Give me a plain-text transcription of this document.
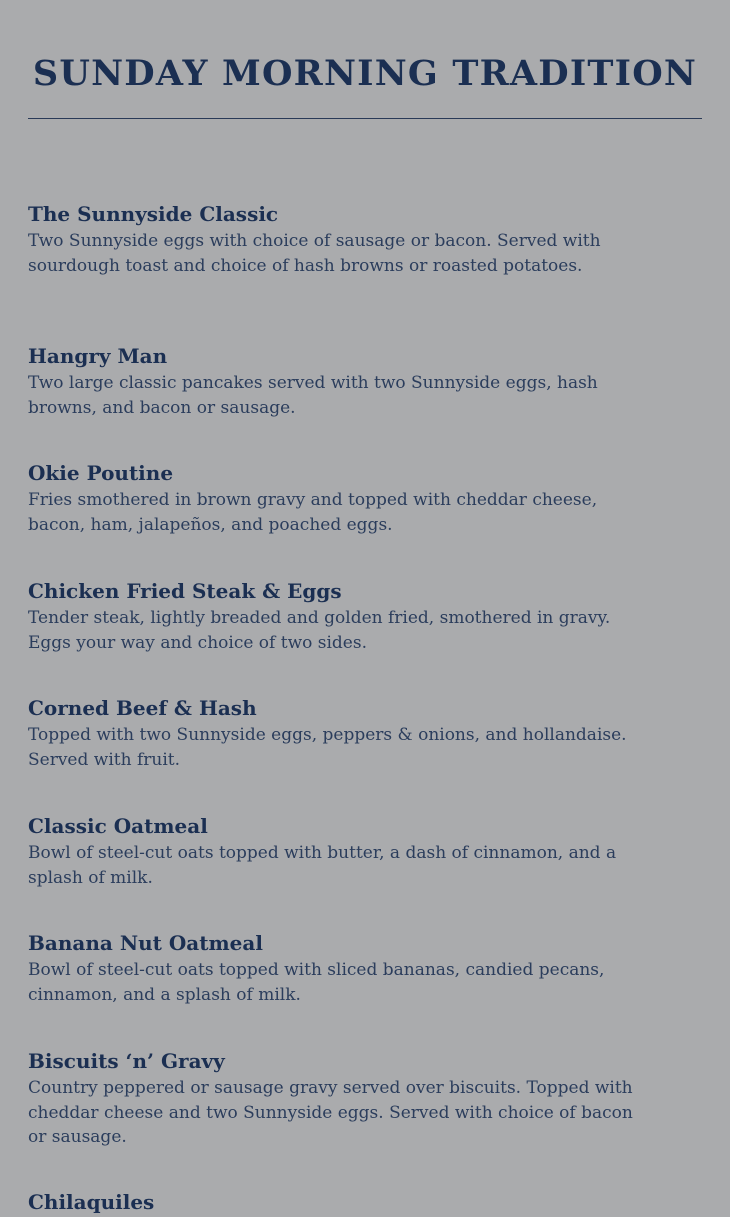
SUNDAY MORNING TRADITION

The Sunnyside Classic

Two Sunnyside eggs with choice of sausage or bacon. Served with sourdough toast and choice of hash browns or roasted potatoes.

Hangry Man

Two large classic pancakes served with two Sunnyside eggs, hash browns, and bacon or sausage.

Okie Poutine

Fries smothered in brown gravy and topped with cheddar cheese, bacon, ham, jalapeños, and poached eggs.

Chicken Fried Steak & Eggs

Tender steak, lightly breaded and golden fried, smothered in gravy. Eggs your way and choice of two sides.

Corned Beef & Hash

Topped with two Sunnyside eggs, peppers & onions, and hollandaise. Served with fruit.

Classic Oatmeal

Bowl of steel-cut oats topped with butter, a dash of cinnamon, and a splash of milk.

Banana Nut Oatmeal

Bowl of steel-cut oats topped with sliced bananas, candied pecans, cinnamon, and a splash of milk.

Biscuits ‘n’ Gravy

Country peppered or sausage gravy served over biscuits. Topped with cheddar cheese and two Sunnyside eggs. Served with choice of bacon or sausage.

Chilaquiles
